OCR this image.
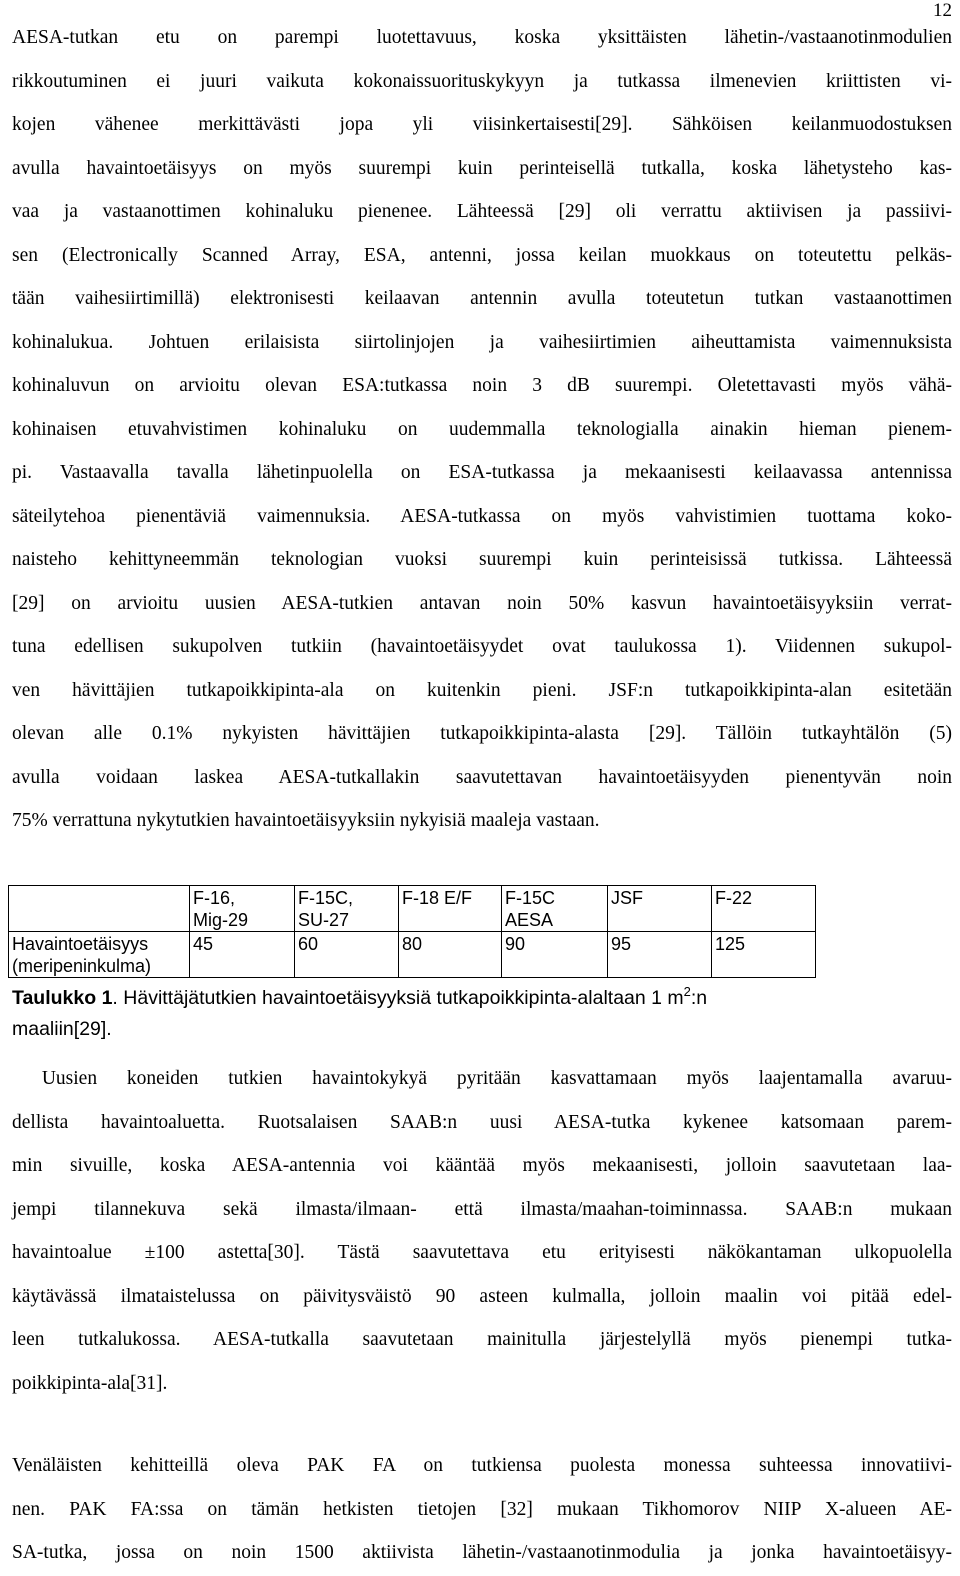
12
AESA-tutkan etu on parempi luotettavuus, koska yksittäisten lähetin-/vastaanotinmodulien
rikkoutuminen ei juuri vaikuta kokonaissuorituskykyyn ja tutkassa ilmenevien kriittisten vi-
kojen vähenee merkittävästi jopa yli viisinkertaisesti[29]. Sähköisen keilanmuodostuksen
avulla havaintoetäisyys on myös suurempi kuin perinteisellä tutkalla, koska lähetysteho kas-
vaa ja vastaanottimen kohinaluku pienenee. Lähteessä [29] oli verrattu aktiivisen ja passiivi-
sen (Electronically Scanned Array, ESA, antenni, jossa keilan muokkaus on toteutettu pelkäs-
tään vaihesiirtimillä) elektronisesti keilaavan antennin avulla toteutetun tutkan vastaanottimen
kohinalukua. Johtuen erilaisista siirtolinjojen ja vaihesiirtimien aiheuttamista vaimennuksista
kohinaluvun on arvioitu olevan ESA:tutkassa noin 3 dB suurempi. Oletettavasti myös vähä-
kohinaisen etuvahvistimen kohinaluku on uudemmalla teknologialla ainakin hieman pienem-
pi. Vastaavalla tavalla lähetinpuolella on ESA-tutkassa ja mekaanisesti keilaavassa antennissa
säteilytehoa pienentäviä vaimennuksia. AESA-tutkassa on myös vahvistimien tuottama koko-
naisteho kehittyneemmän teknologian vuoksi suurempi kuin perinteisissä tutkissa. Lähteessä
[29] on arvioitu uusien AESA-tutkien antavan noin 50% kasvun havaintoetäisyyksiin verrat-
tuna edellisen sukupolven tutkiin (havaintoetäisyydet ovat taulukossa 1). Viidennen sukupol-
ven hävittäjien tutkapoikkipinta-ala on kuitenkin pieni. JSF:n tutkapoikkipinta-alan esitetään
olevan alle 0.1% nykyisten hävittäjien tutkapoikkipinta-alasta [29]. Tällöin tutkayhtälön (5)
avulla voidaan laskea AESA-tutkallakin saavutettavan havaintoetäisyyden pienentyvän noin
75% verrattuna nykytutkien havaintoetäisyyksiin nykyisiä maaleja vastaan.

	F-16,
Mig-29	F-15C,
SU-27	F-18 E/F	F-15C
AESA	JSF	F-22

Havaintoetäisyys
(meripeninkulma)	45	60	80	90	95	125

Taulukko 1. Hävittäjätutkien havaintoetäisyyksiä tutkapoikkipinta-alaltaan 1 $m^2:n$
maaliin[29].

Uusien koneiden tutkien havaintokykyä pyritään kasvattamaan myös laajentamalla avaruu-
dellista havaintoaluetta. Ruotsalaisen SAAB:n uusi AESA-tutka kykenee katsomaan parem-
min sivuille, koska AESA-antennia voi kääntää myös mekaanisesti, jolloin saavutetaan laa-
jempi tilannekuva sekä ilmasta/ilmaan- että ilmasta/maahan-toiminnassa. SAAB:n mukaan
havaintoalue ±100 astetta[30]. Tästä saavutettava etu erityisesti näkökantaman ulkopuolella
käytävässä ilmataistelussa on päivitysväistö 90 asteen kulmalla, jolloin maalin voi pitää edel-
leen tutkalukossa. AESA-tutkalla saavutetaan mainitulla järjestelyllä myös pienempi tutka-
poikkipinta-ala[31].
Venäläisten kehitteillä oleva PAK FA on tutkiensa puolesta monessa suhteessa innovatiivi-
nen. PAK FA:ssa on tämän hetkisten tietojen [32] mukaan Tikhomorov NIIP X-alueen AE-
SA-tutka, jossa on noin 1500 aktiivista lähetin-/vastaanotinmodulia ja jonka havaintoetäisyy-
